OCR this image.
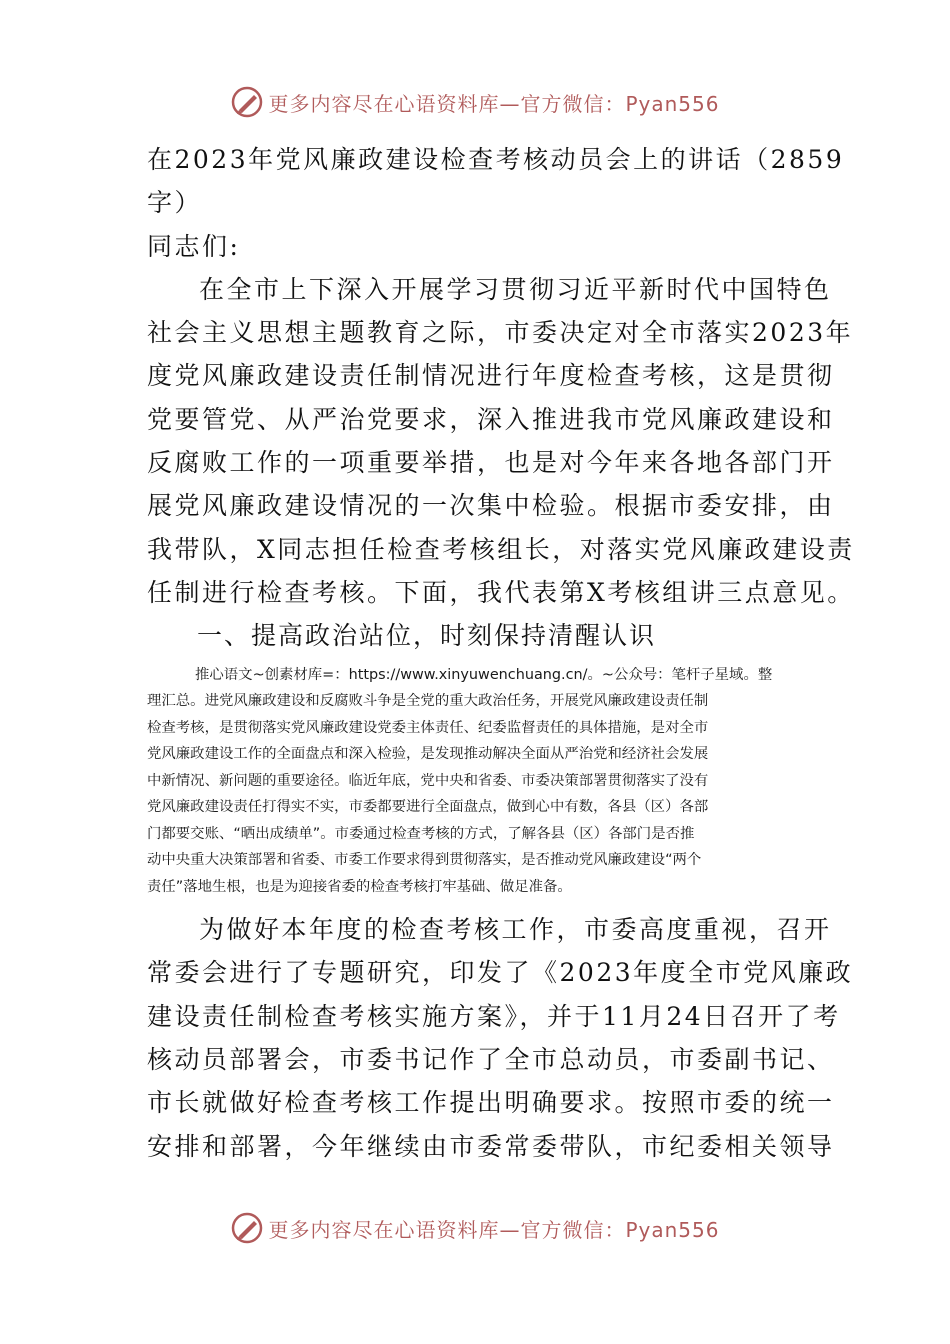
更多内容尽在心语资料库—官方微信：Pyan556
在2023年党风廉政建设检查考核动员会上的讲话（2859
字）
同志们:
在全市上下深入开展学习贯彻习近平新时代中国特色
社会主义思想主题教育之际，市委决定对全市落实2023年
度党风廉政建设责任制情况进行年度检查考核，这是贯彻
党要管党、从严治党要求，深入推进我市党风廉政建设和
反腐败工作的一项重要举措，也是对今年来各地各部门开
展党风廉政建设情况的一次集中检验。根据市委安排，由
我带队，X同志担任检查考核组长，对落实党风廉政建设责
任制进行检查考核。下面，我代表第X考核组讲三点意见。
一、提高政治站位，时刻保持清醒认识
推心语文~创素材库=：https://www.xinyuwenchuang.cn/。~公众号：笔杆子星域。整
理汇总。进党风廉政建设和反腐败斗争是全党的重大政治任务，开展党风廉政建设责任制
检查考核，是贯彻落实党风廉政建设党委主体责任、纪委监督责任的具体措施，是对全市
党风廉政建设工作的全面盘点和深入检验，是发现推动解决全面从严治党和经济社会发展
中新情况、新问题的重要途径。临近年底，党中央和省委、市委决策部署贯彻落实了没有
党风廉政建设责任打得实不实，市委都要进行全面盘点，做到心中有数，各县（区）各部
门都要交账、“晒出成绩单”。市委通过检查考核的方式，了解各县（区）各部门是否推
动中央重大决策部署和省委、市委工作要求得到贯彻落实，是否推动党风廉政建设“两个
责任”落地生根，也是为迎接省委的检查考核打牢基础、做足准备。
为做好本年度的检查考核工作，市委高度重视，召开
常委会进行了专题研究，印发了《2023年度全市党风廉政
建设责任制检查考核实施方案》，并于11月24日召开了考
核动员部署会，市委书记作了全市总动员，市委副书记、
市长就做好检查考核工作提出明确要求。按照市委的统一
安排和部署，今年继续由市委常委带队，市纪委相关领导
更多内容尽在心语资料库—官方微信：Pyan556
